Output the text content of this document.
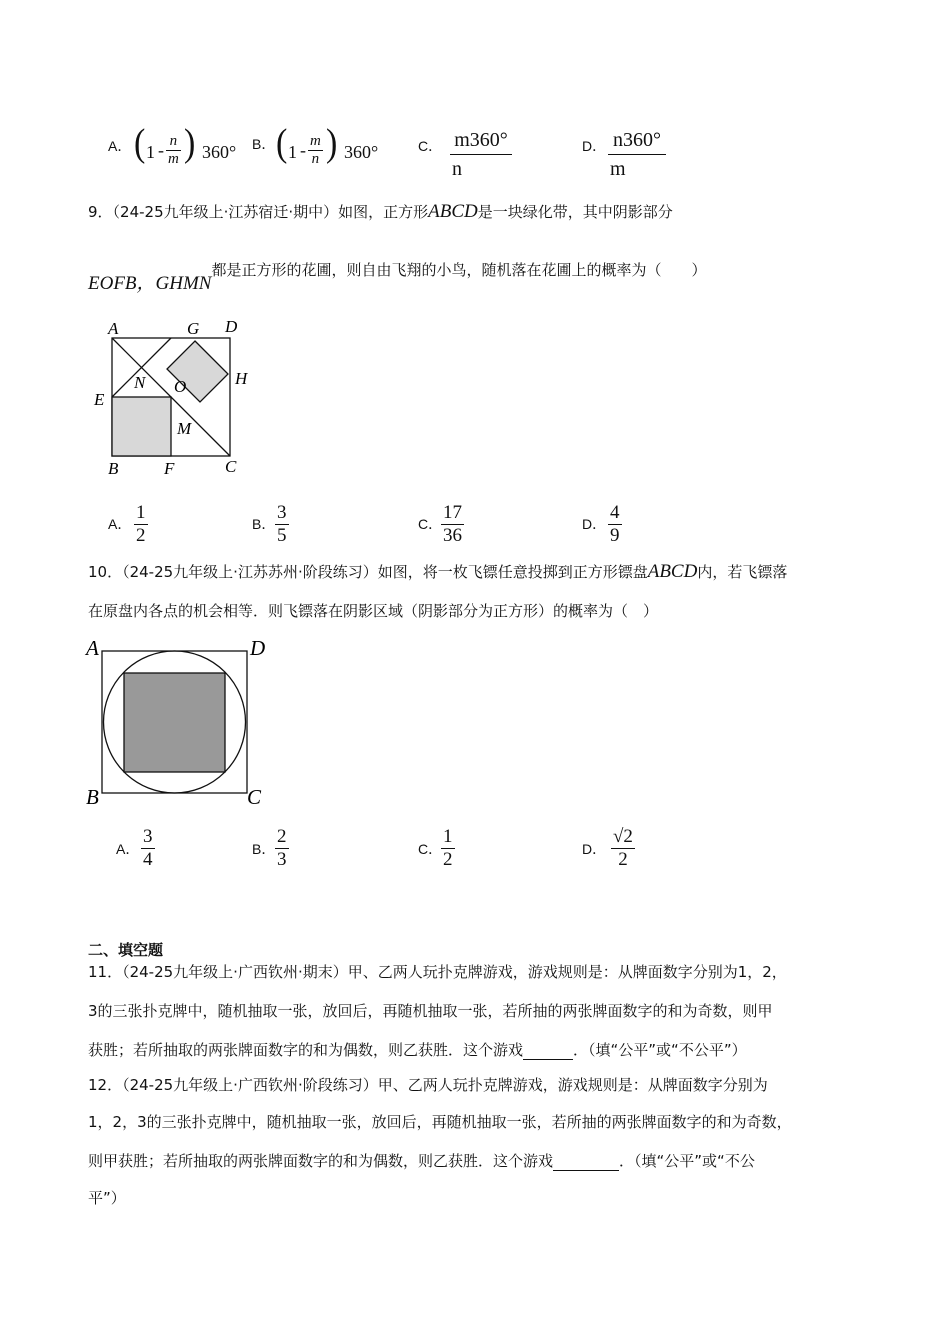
A． ( 1 - n
m ) 360° B． ( 1 - m
n ) 360°	C． m360°
n
D． n360°
m
9．（24-25九年级上·江苏宿迁·期中）如图，正方形ABCD是一块绿化带，其中阴影部分
EOFB，GHMN都是正方形的花圃，则自由飞翔的小鸟，随机落在花圃上的概率为（　　）
A	G D
H
N O
E
M
B	F	C
A．
1
2
B．
3
5
C．
17
36
D．
4
9
10．（24-25九年级上·江苏苏州·阶段练习）如图，将一枚飞镖任意投掷到正方形镖盘ABCD内，若飞镖落
在原盘内各点的机会相等．则飞镖落在阴影区域（阴影部分为正方形）的概率为（　）
A	D
B	C
A．
3
4	B．
2
3	C．
1
2	D．
√2
2
二、填空题
11．（24-25九年级上·广西钦州·期末）甲、乙两人玩扑克牌游戏，游戏规则是：从牌面数字分别为1，2，
3的三张扑克牌中，随机抽取一张，放回后，再随机抽取一张，若所抽的两张牌面数字的和为奇数，则甲
获胜；若所抽取的两张牌面数字的和为偶数，则乙获胜．这个游戏	．（填“公平”或“不公平”）
12．（24-25九年级上·广西钦州·阶段练习）甲、乙两人玩扑克牌游戏，游戏规则是：从牌面数字分别为
1，2，3的三张扑克牌中，随机抽取一张，放回后，再随机抽取一张，若所抽的两张牌面数字的和为奇数，
则甲获胜；若所抽取的两张牌面数字的和为偶数，则乙获胜．这个游戏	．（填“公平”或“不公
平”）
